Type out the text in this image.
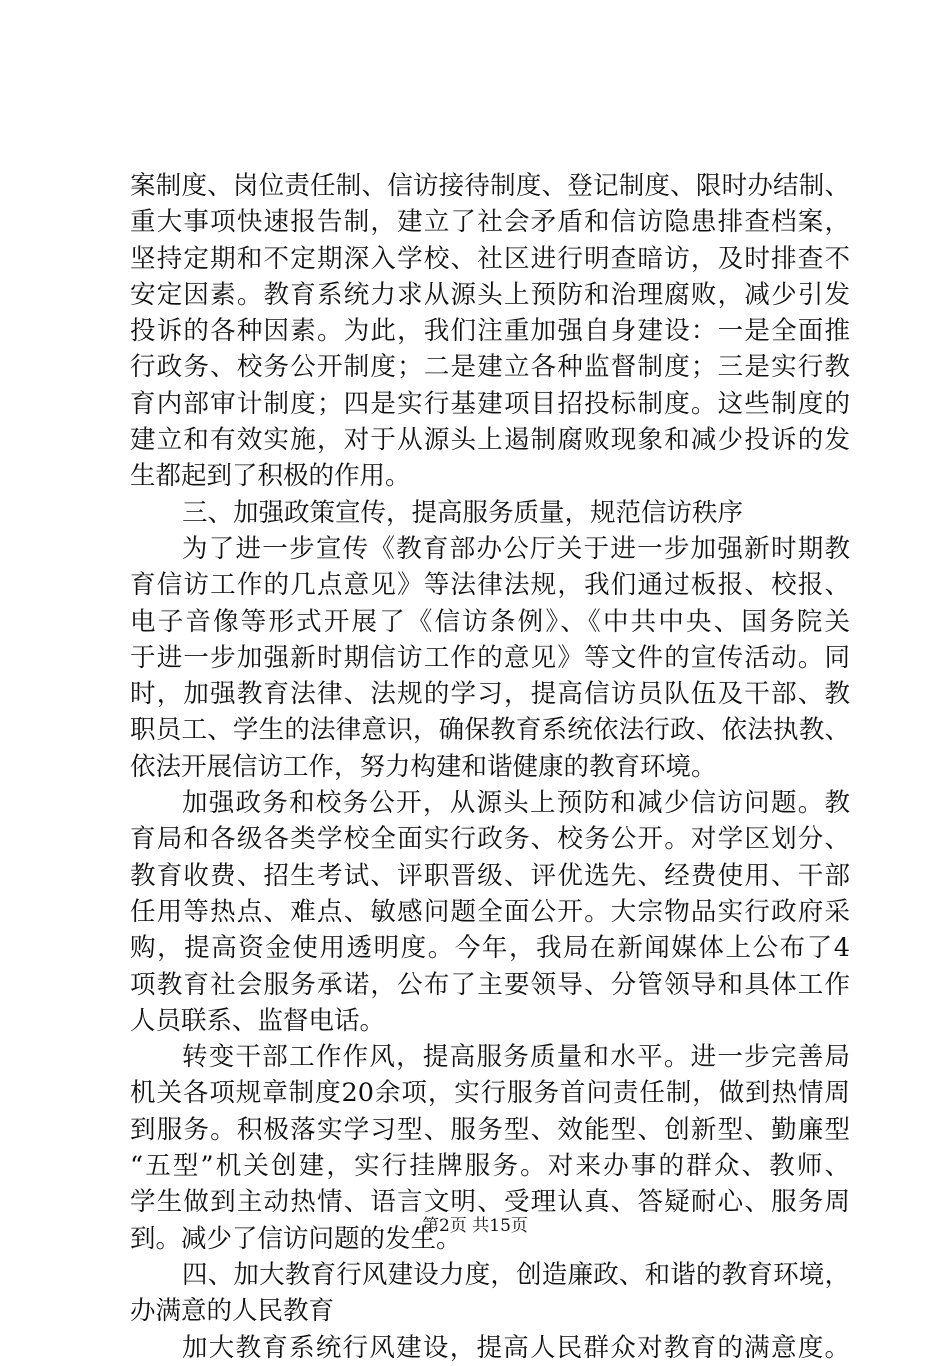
案制度、岗位责任制、信访接待制度、登记制度、限时办结制、
重大事项快速报告制，建立了社会矛盾和信访隐患排查档案，
坚持定期和不定期深入学校、社区进行明查暗访，及时排查不
安定因素。教育系统力求从源头上预防和治理腐败，减少引发
投诉的各种因素。为此，我们注重加强自身建设：一是全面推
行政务、校务公开制度；二是建立各种监督制度；三是实行教
育内部审计制度；四是实行基建项目招投标制度。这些制度的
建立和有效实施，对于从源头上遏制腐败现象和减少投诉的发
生都起到了积极的作用。
三、加强政策宣传，提高服务质量，规范信访秩序
为了进一步宣传《教育部办公厅关于进一步加强新时期教
育信访工作的几点意见》等法律法规，我们通过板报、校报、
电子音像等形式开展了《信访条例》、《中共中央、国务院关
于进一步加强新时期信访工作的意见》等文件的宣传活动。同
时，加强教育法律、法规的学习，提高信访员队伍及干部、教
职员工、学生的法律意识，确保教育系统依法行政、依法执教、
依法开展信访工作，努力构建和谐健康的教育环境。
加强政务和校务公开，从源头上预防和减少信访问题。教
育局和各级各类学校全面实行政务、校务公开。对学区划分、
教育收费、招生考试、评职晋级、评优选先、经费使用、干部
任用等热点、难点、敏感问题全面公开。大宗物品实行政府采
购，提高资金使用透明度。今年，我局在新闻媒体上公布了4
项教育社会服务承诺，公布了主要领导、分管领导和具体工作
人员联系、监督电话。
转变干部工作作风，提高服务质量和水平。进一步完善局
机关各项规章制度20余项，实行服务首问责任制，做到热情周
到服务。积极落实学习型、服务型、效能型、创新型、勤廉型
“五型”机关创建，实行挂牌服务。对来办事的群众、教师、
学生做到主动热情、语言文明、受理认真、答疑耐心、服务周
到。减少了信访问题的发生。
四、加大教育行风建设力度，创造廉政、和谐的教育环境，
办满意的人民教育
加大教育系统行风建设，提高人民群众对教育的满意度。
第2页 共15页
